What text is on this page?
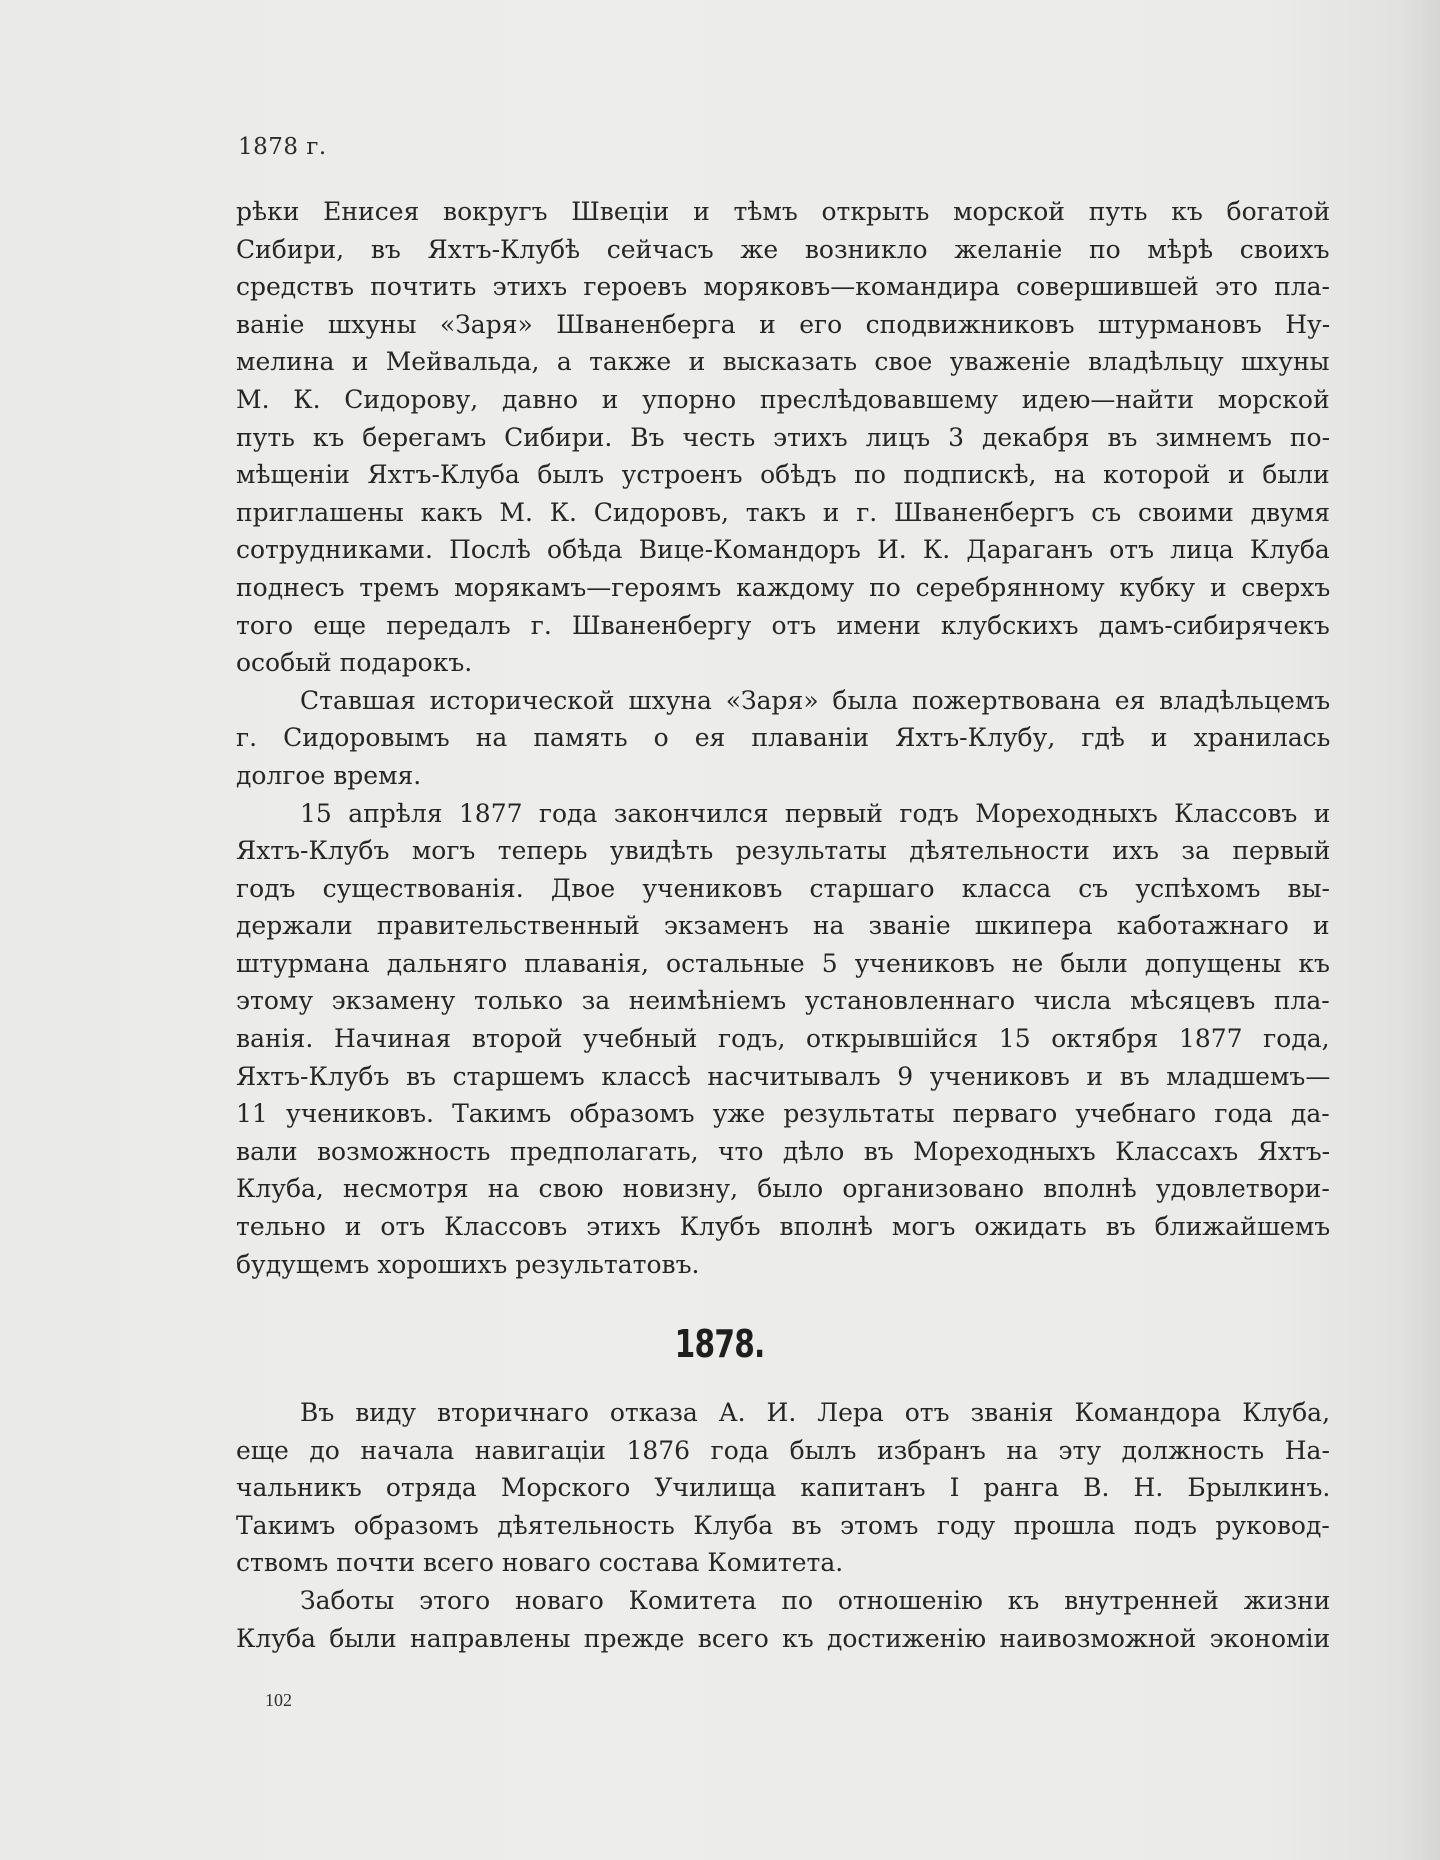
1878 г.
рѣки Енисея вокругъ Швеціи и тѣмъ открыть морской путь къ богатой
Сибири, въ Яхтъ-Клубѣ сейчасъ же возникло желаніе по мѣрѣ своихъ
средствъ почтить этихъ героевъ моряковъ—командира совершившей это пла-
ваніе шхуны «Заря» Шваненберга и его сподвижниковъ штурмановъ Ну-
мелина и Мейвальда, а также и высказать свое уваженіе владѣльцу шхуны
М. К. Сидорову, давно и упорно преслѣдовавшему идею—найти морской
путь къ берегамъ Сибири. Въ честь этихъ лицъ 3 декабря въ зимнемъ по-
мѣщеніи Яхтъ-Клуба былъ устроенъ обѣдъ по подпискѣ, на которой и были
приглашены какъ М. К. Сидоровъ, такъ и г. Шваненбергъ съ своими двумя
сотрудниками. Послѣ обѣда Вице-Командоръ И. К. Дараганъ отъ лица Клуба
поднесъ тремъ морякамъ—героямъ каждому по серебрянному кубку и сверхъ
того еще передалъ г. Шваненбергу отъ имени клубскихъ дамъ-сибирячекъ
особый подарокъ.
Ставшая исторической шхуна «Заря» была пожертвована ея владѣльцемъ
г. Сидоровымъ на память о ея плаваніи Яхтъ-Клубу, гдѣ и хранилась
долгое время.
15 апрѣля 1877 года закончился первый годъ Мореходныхъ Классовъ и
Яхтъ-Клубъ могъ теперь увидѣть результаты дѣятельности ихъ за первый
годъ существованія. Двое учениковъ старшаго класса съ успѣхомъ вы-
держали правительственный экзаменъ на званіе шкипера каботажнаго и
штурмана дальняго плаванія, остальные 5 учениковъ не были допущены къ
этому экзамену только за неимѣніемъ установленнаго числа мѣсяцевъ пла-
ванія. Начиная второй учебный годъ, открывшійся 15 октября 1877 года,
Яхтъ-Клубъ въ старшемъ классѣ насчитывалъ 9 учениковъ и въ младшемъ—
11 учениковъ. Такимъ образомъ уже результаты перваго учебнаго года да-
вали возможность предполагать, что дѣло въ Мореходныхъ Классахъ Яхтъ-
Клуба, несмотря на свою новизну, было организовано вполнѣ удовлетвори-
тельно и отъ Классовъ этихъ Клубъ вполнѣ могъ ожидать въ ближайшемъ
будущемъ хорошихъ результатовъ.
1878.
Въ виду вторичнаго отказа А. И. Лера отъ званія Командора Клуба,
еще до начала навигаціи 1876 года былъ избранъ на эту должность На-
чальникъ отряда Морского Училища капитанъ I ранга В. Н. Брылкинъ.
Такимъ образомъ дѣятельность Клуба въ этомъ году прошла подъ руковод-
ствомъ почти всего новаго состава Комитета.
Заботы этого новаго Комитета по отношенію къ внутренней жизни
Клуба были направлены прежде всего къ достиженію наивозможной экономіи
102
